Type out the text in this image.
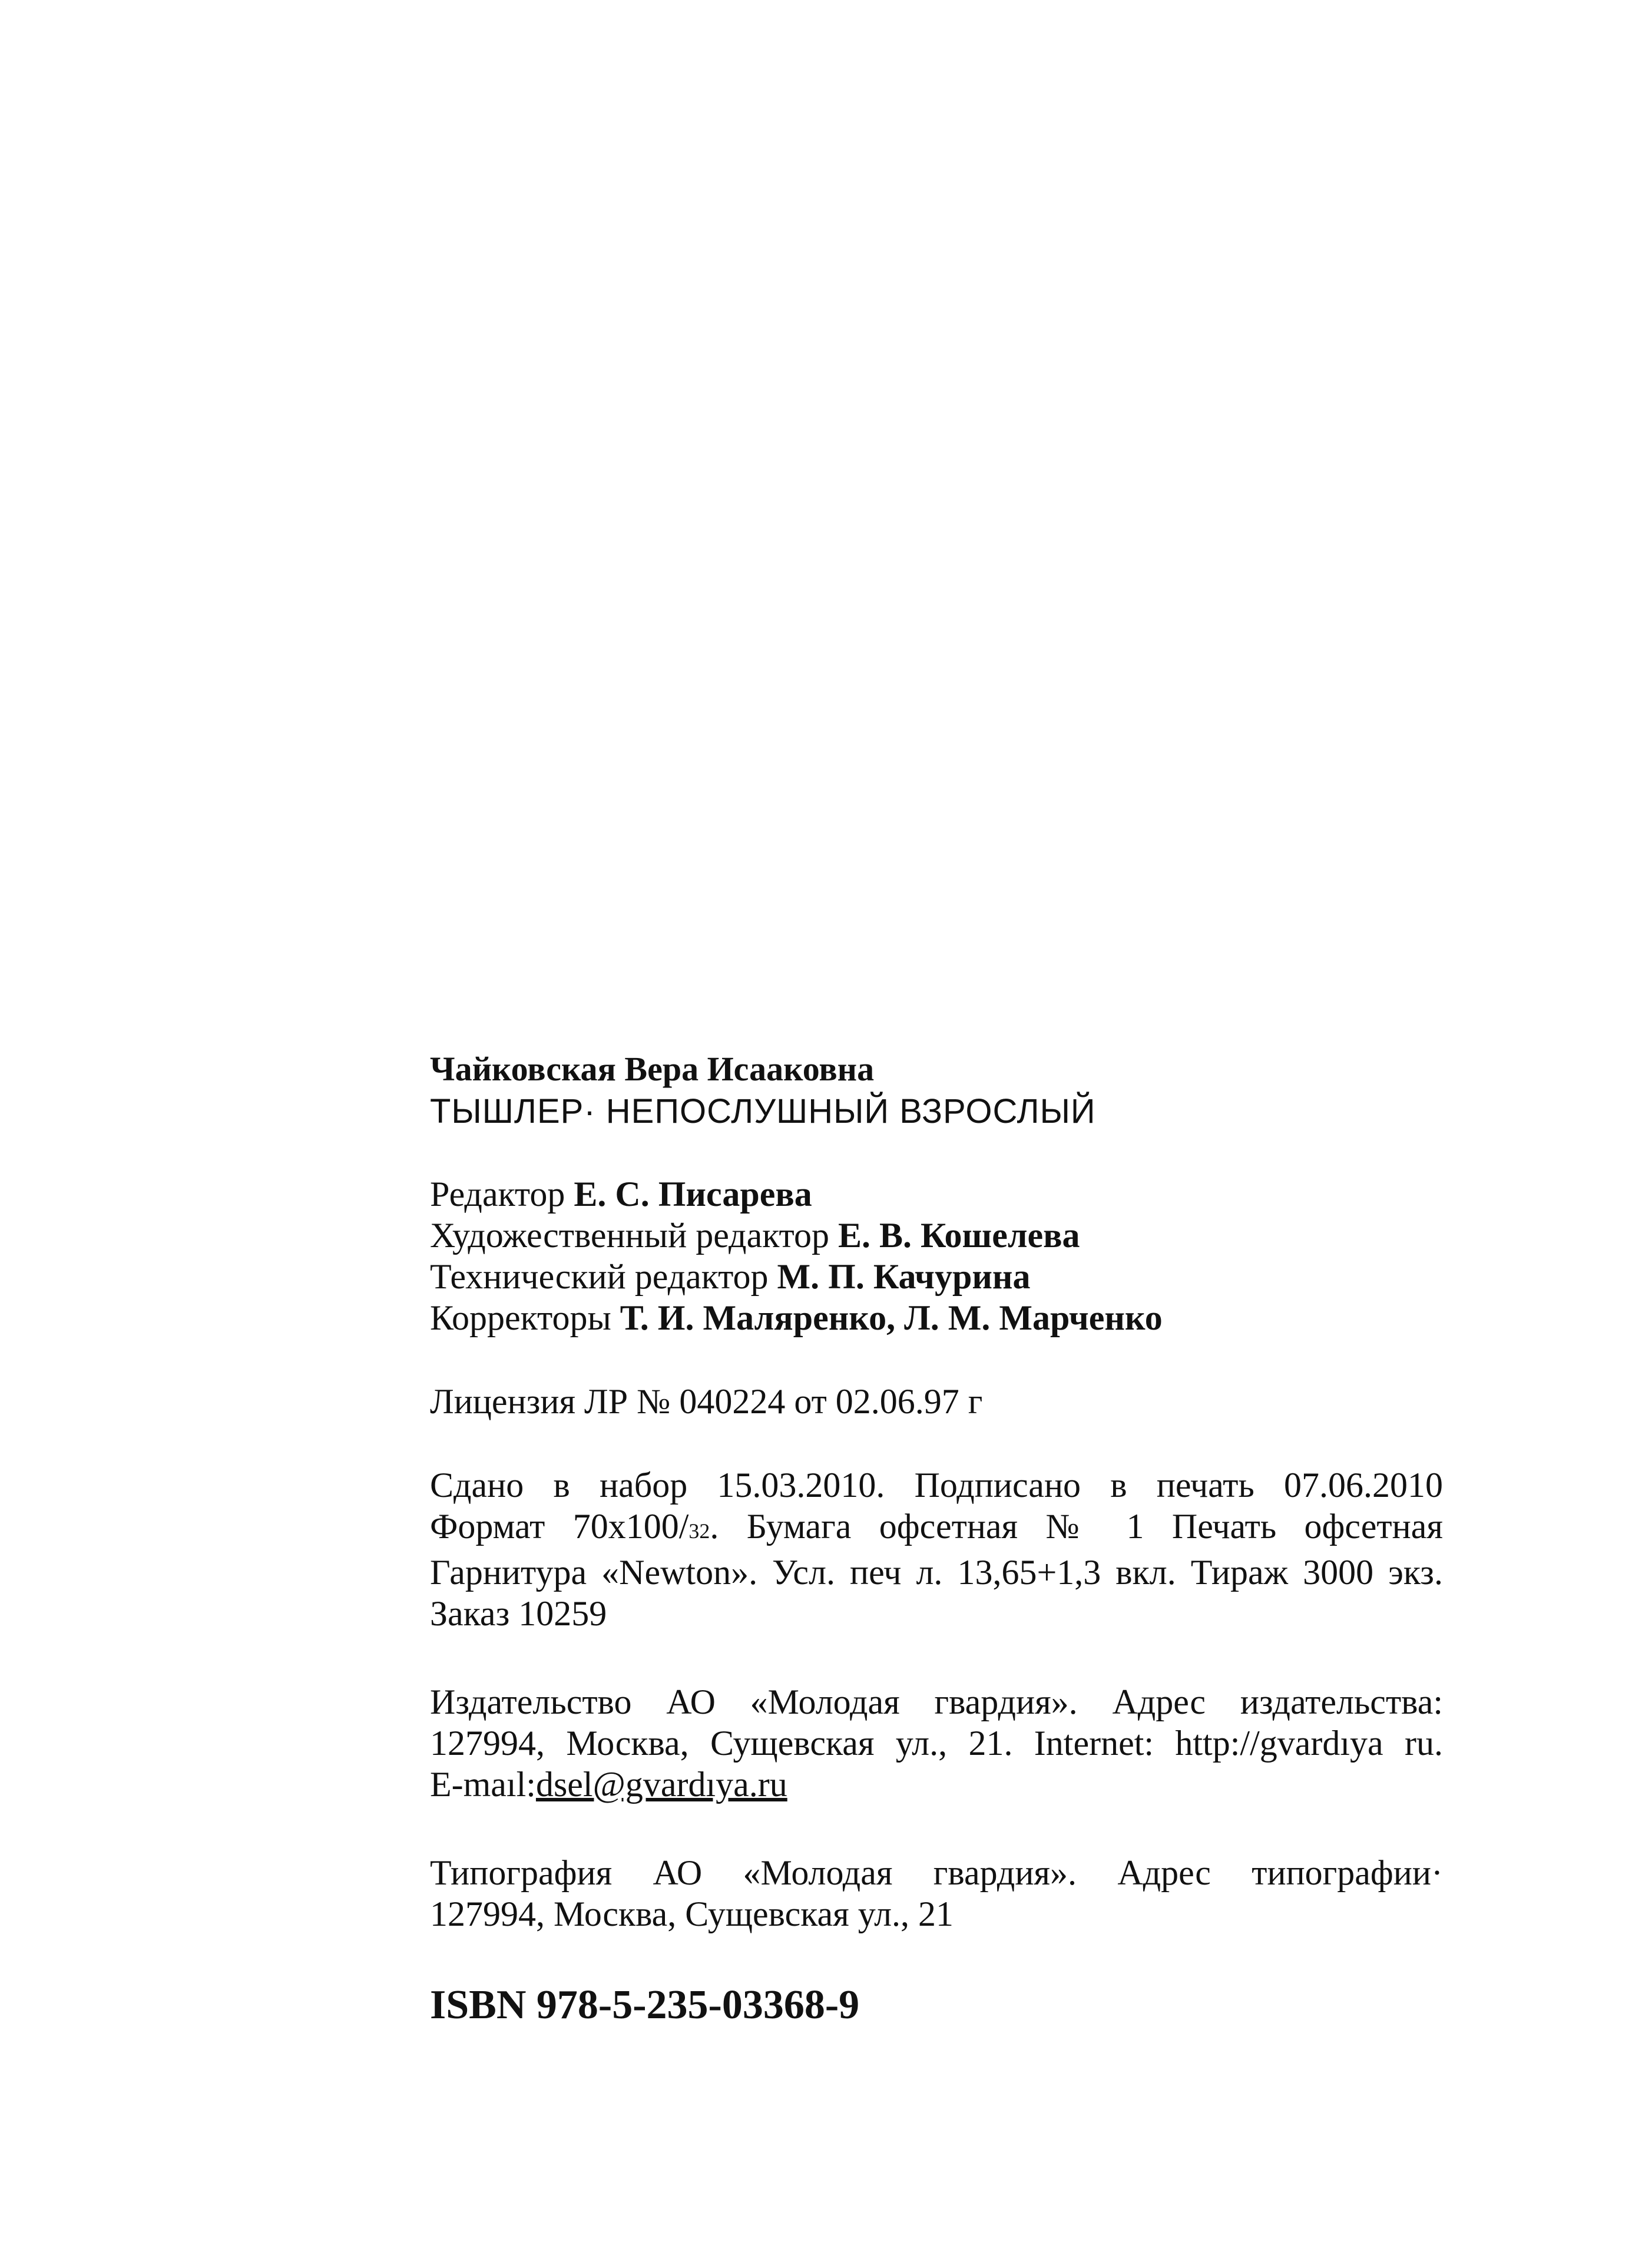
Чайковская Вера Исааковна
ТЫШЛЕР· НЕПОСЛУШНЫЙ ВЗРОСЛЫЙ
Редактор Е. С. Писарева
Художественный редактор Е. В. Кошелева
Технический редактор М. П. Качурина
Корректоры Т. И. Маляренко, Л. М. Марченко
Лицензия ЛР № 040224 от 02.06.97 г
Сдано в набор 15.03.2010. Подписано в печать 07.06.2010
Формат 70x100/32. Бумага офсетная № 1 Печать офсетная
Гарнитура «Newton». Усл. печ л. 13,65+1,3 вкл. Тираж 3000 экз.
Заказ 10259
Издательство АО «Молодая гвардия». Адрес издательства:
127994, Москва, Сущевская ул., 21. Internet: http://gvardıya ru.
E-maıl:dsel@gvardıya.ru
Типография АО «Молодая гвардия». Адрес типографии·
127994, Москва, Сущевская ул., 21
ISBN 978-5-235-03368-9
